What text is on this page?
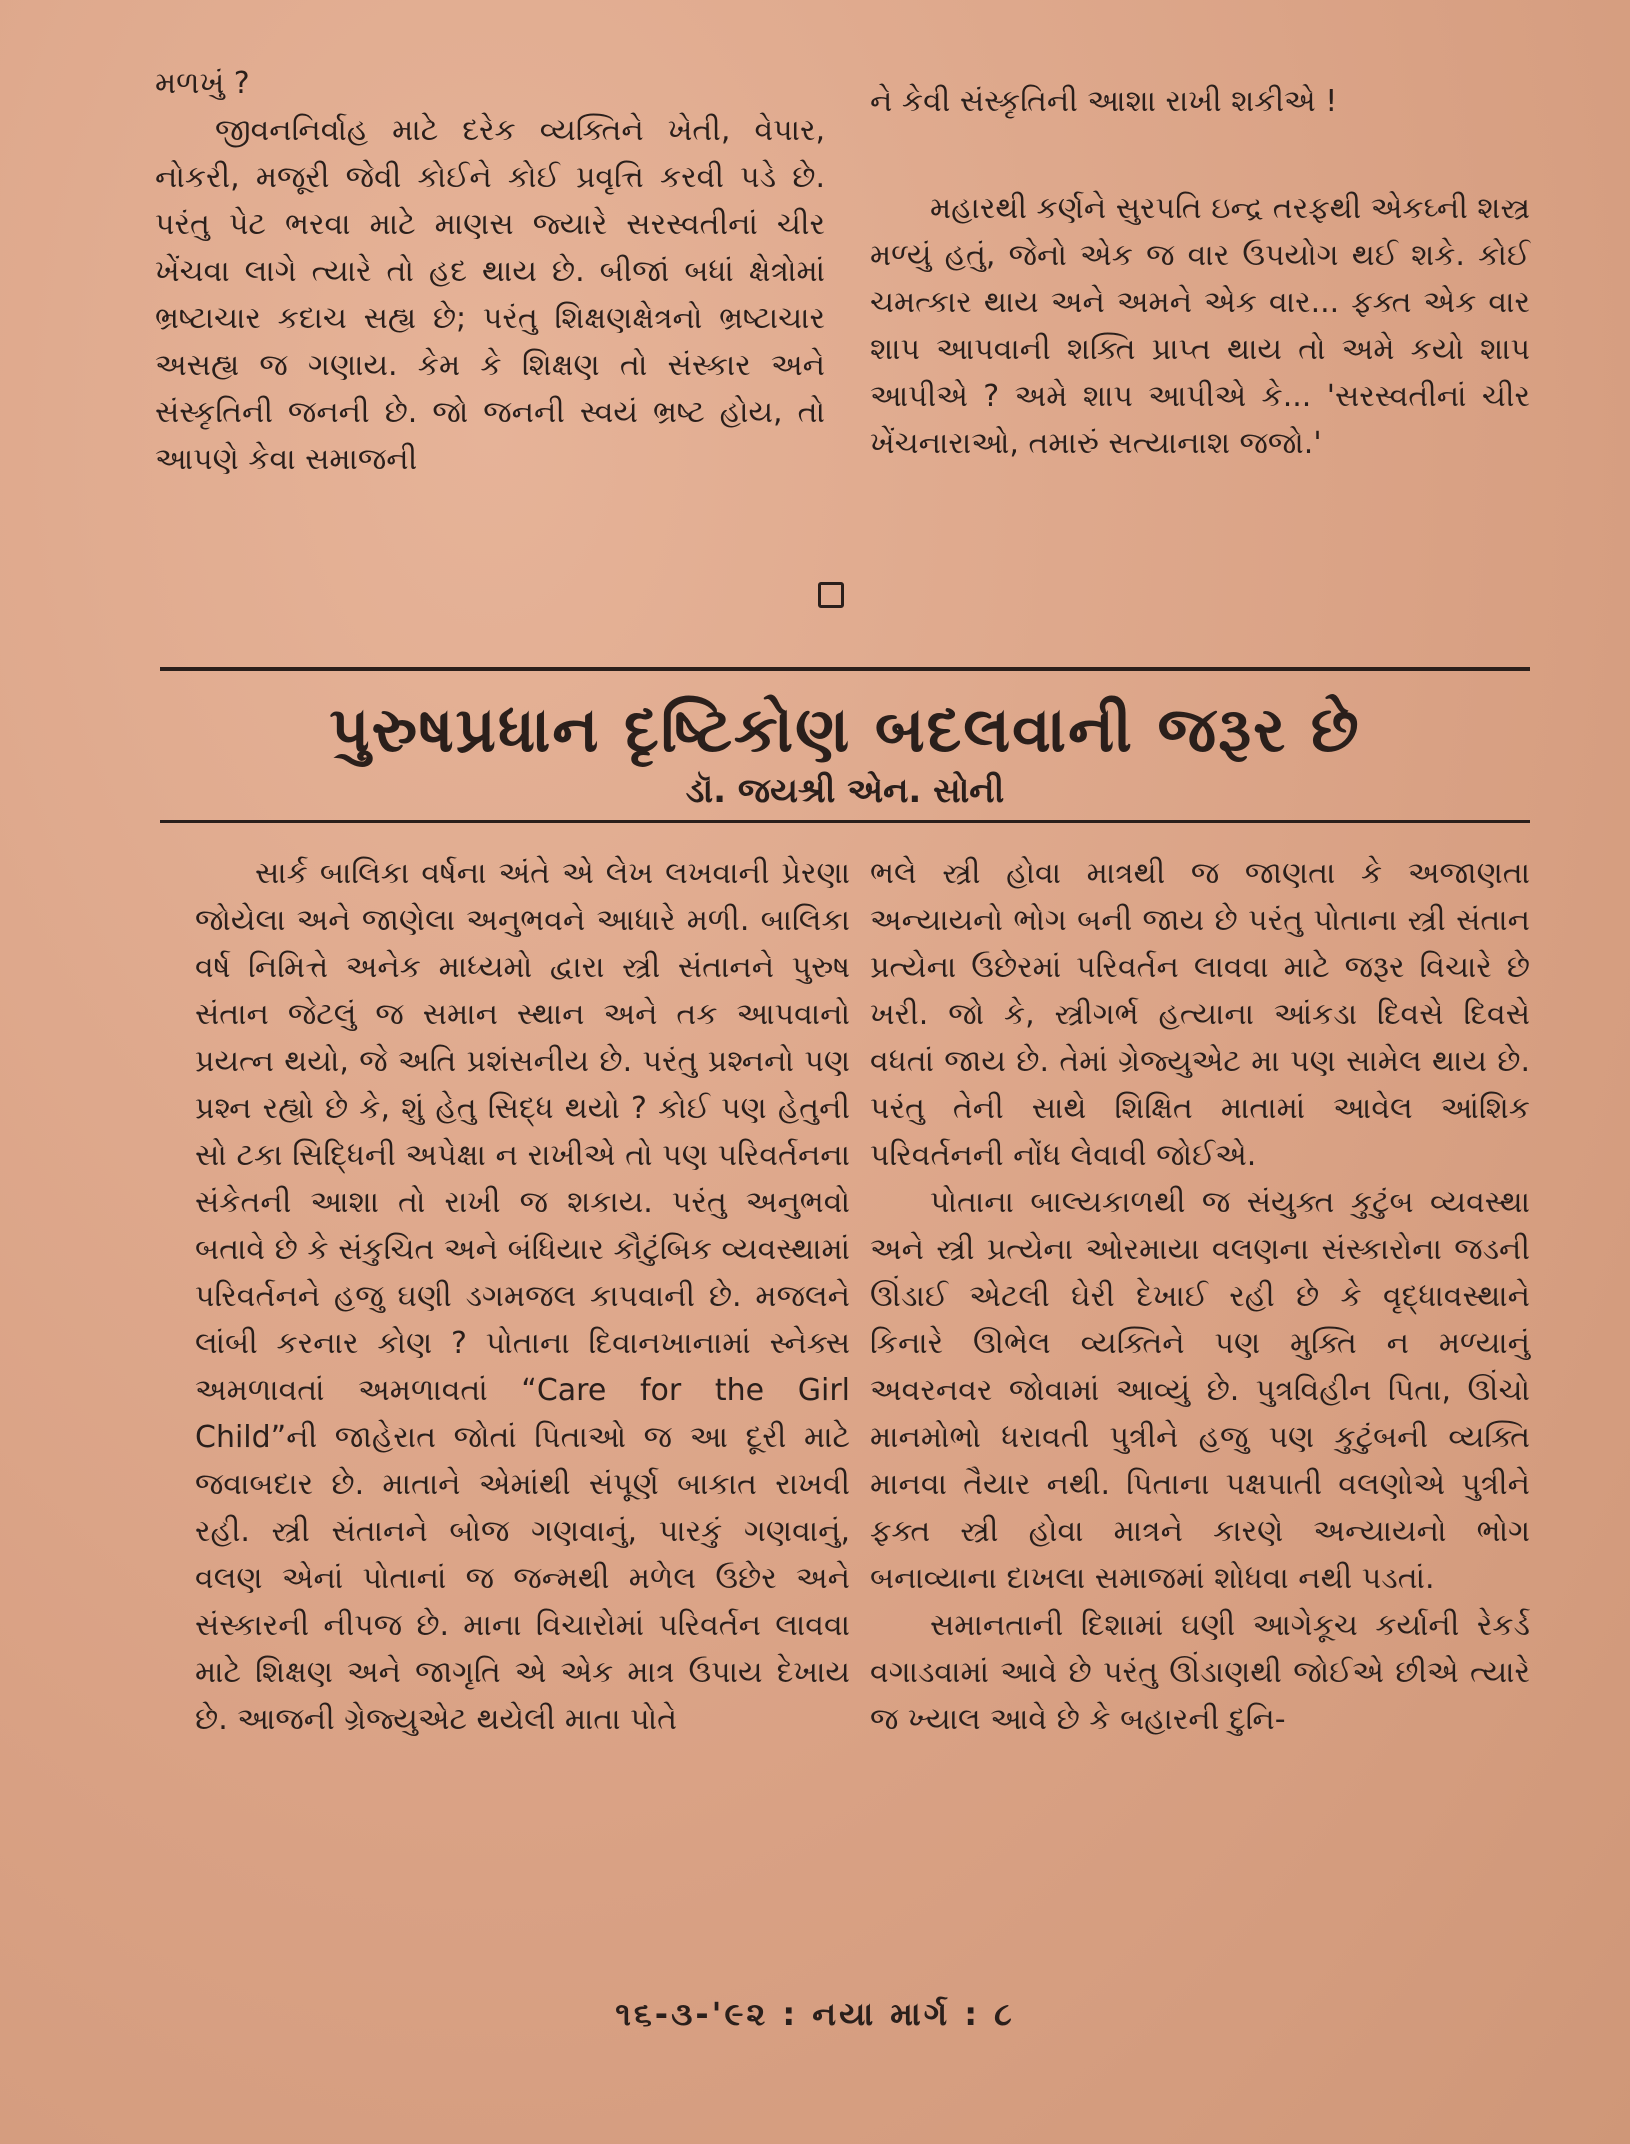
મળખું ?

જીવનનિર્વાહ માટે દરેક વ્યક્તિને ખેતી, વેપાર, નોકરી, મજૂરી જેવી કોઈને કોઈ પ્રવૃત્તિ કરવી પડે છે. પરંતુ પેટ ભરવા માટે માણસ જ્યારે સરસ્વતીનાં ચીર ખેંચવા લાગે ત્યારે તો હદ થાય છે. બીજાં બધાં ક્ષેત્રોમાં ભ્રષ્ટાચાર કદાચ સહ્ય છે; પરંતુ શિક્ષણક્ષેત્રનો ભ્રષ્ટાચાર અસહ્ય જ ગણાય. કેમ કે શિક્ષણ તો સંસ્કાર અને સંસ્કૃતિની જનની છે. જો જનની સ્વયં ભ્રષ્ટ હોય, તો આપણે કેવા સમાજની

ને કેવી સંસ્કૃતિની આશા રાખી શકીએ !

મહારથી કર્ણને સુરપતિ ઇન્દ્ર તરફથી એકઘ્ની શસ્ત્ર મળ્યું હતું, જેનો એક જ વાર ઉપયોગ થઈ શકે. કોઈ ચમત્કાર થાય અને અમને એક વાર... ફક્ત એક વાર શાપ આપવાની શક્તિ પ્રાપ્ત થાય તો અમે કયો શાપ આપીએ ? અમે શાપ આપીએ કે... 'સરસ્વતીનાં ચીર ખેંચનારાઓ, તમારું સત્યાનાશ જજો.'

પુરુષપ્રધાન દૃષ્ટિકોણ બદલવાની જરૂર છે
ડૉ. જયશ્રી એન. સોની

સાર્ક બાલિકા વર્ષના અંતે એ લેખ લખવાની પ્રેરણા જોયેલા અને જાણેલા અનુભવને આધારે મળી. બાલિકા વર્ષ નિમિત્તે અનેક માધ્યમો દ્વારા સ્ત્રી સંતાનને પુરુષ સંતાન જેટલું જ સમાન સ્થાન અને તક આપવાનો પ્રયત્ન થયો, જે અતિ પ્રશંસનીય છે. પરંતુ પ્રશ્નનો પણ પ્રશ્ન રહ્યો છે કે, શું હેતુ સિદ્ધ થયો ? કોઈ પણ હેતુની સો ટકા સિદ્ધિની અપેક્ષા ન રાખીએ તો પણ પરિવર્તનના સંકેતની આશા તો રાખી જ શકાય. પરંતુ અનુભવો બતાવે છે કે સંકુચિત અને બંધિયાર કૌટુંબિક વ્યવસ્થામાં પરિવર્તનને હજુ ઘણી ડગમજલ કાપવાની છે. મજલને લાંબી કરનાર કોણ ? પોતાના દિવાનખાનામાં સ્નેક્સ અમળાવતાં અમળાવતાં “Care for the Girl Child”ની જાહેરાત જોતાં પિતાઓ જ આ દૂરી માટે જવાબદાર છે. માતાને એમાંથી સંપૂર્ણ બાકાત રાખવી રહી. સ્ત્રી સંતાનને બોજ ગણવાનું, પારકું ગણવાનું, વલણ એનાં પોતાનાં જ જન્મથી મળેલ ઉછેર અને સંસ્કારની નીપજ છે. માના વિચારોમાં પરિવર્તન લાવવા માટે શિક્ષણ અને જાગૃતિ એ એક માત્ર ઉપાય દેખાય છે. આજની ગ્રેજ્યુએટ થયેલી માતા પોતે

ભલે સ્ત્રી હોવા માત્રથી જ જાણતા કે અજાણતા અન્યાયનો ભોગ બની જાય છે પરંતુ પોતાના સ્ત્રી સંતાન પ્રત્યેના ઉછેરમાં પરિવર્તન લાવવા માટે જરૂર વિચારે છે ખરી. જો કે, સ્ત્રીગર્ભ હત્યાના આંકડા દિવસે દિવસે વધતાં જાય છે. તેમાં ગ્રેજ્યુએટ મા પણ સામેલ થાય છે. પરંતુ તેની સાથે શિક્ષિત માતામાં આવેલ આંશિક પરિવર્તનની નોંધ લેવાવી જોઈએ.

પોતાના બાલ્યકાળથી જ સંયુક્ત કુટુંબ વ્યવસ્થા અને સ્ત્રી પ્રત્યેના ઓરમાયા વલણના સંસ્કારોના જડની ઊંડાઈ એટલી ઘેરી દેખાઈ રહી છે કે વૃદ્ધાવસ્થાને કિનારે ઊભેલ વ્યક્તિને પણ મુક્તિ ન મળ્યાનું અવરનવર જોવામાં આવ્યું છે. પુત્રવિહીન પિતા, ઊંચો માનમોભો ધરાવતી પુત્રીને હજુ પણ કુટુંબની વ્યક્તિ માનવા તૈયાર નથી. પિતાના પક્ષપાતી વલણોએ પુત્રીને ફક્ત સ્ત્રી હોવા માત્રને કારણે અન્યાયનો ભોગ બનાવ્યાના દાખલા સમાજમાં શોધવા નથી પડતાં.

સમાનતાની દિશામાં ઘણી આગેકૂચ કર્યાની રેકર્ડ વગાડવામાં આવે છે પરંતુ ઊંડાણથી જોઈએ છીએ ત્યારે જ ખ્યાલ આવે છે કે બહારની દુનિ-

૧૬-૩-'૯૨ : નયા માર્ગ : ૮
